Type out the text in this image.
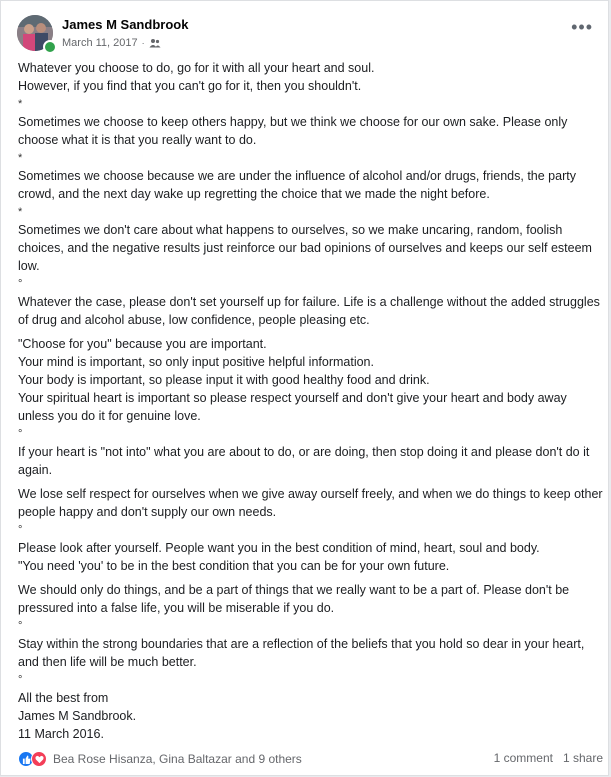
James M Sandbrook
March 11, 2017 ·
•••

Whatever you choose to do, go for it with all your heart and soul.
However, if you find that you can't go for it, then you shouldn't.

*

Sometimes we choose to keep others happy, but we think we choose for our own sake. Please only choose what it is that you really want to do.

*

Sometimes we choose because we are under the influence of alcohol and/or drugs, friends, the party crowd, and the next day wake up regretting the choice that we made the night before.

*

Sometimes we don't care about what happens to ourselves, so we make uncaring, random, foolish choices, and the negative results just reinforce our bad opinions of ourselves and keeps our self esteem low.

°

Whatever the case, please don't set yourself up for failure. Life is a challenge without the added struggles of drug and alcohol abuse, low confidence, people pleasing etc.

"Choose for you" because you are important.
Your mind is important, so only input positive helpful information.
Your body is important, so please input it with good healthy food and drink.
Your spiritual heart is important so please respect yourself and don't give your heart and body away unless you do it for genuine love.

°

If your heart is "not into" what you are about to do, or are doing, then stop doing it and please don't do it again.

We lose self respect for ourselves when we give away ourself freely, and when we do things to keep other people happy and don't supply our own needs.

°

Please look after yourself. People want you in the best condition of mind, heart, soul and body.
"You need 'you' to be in the best condition that you can be for your own future.

We should only do things, and be a part of things that we really want to be a part of. Please don't be pressured into a false life, you will be miserable if you do.

°

Stay within the strong boundaries that are a reflection of the beliefs that you hold so dear in your heart, and then life will be much better.

°

All the best from
James M Sandbrook.
11 March 2016.

Bea Rose Hisanza, Gina Baltazar and 9 others	1 comment 1 share
